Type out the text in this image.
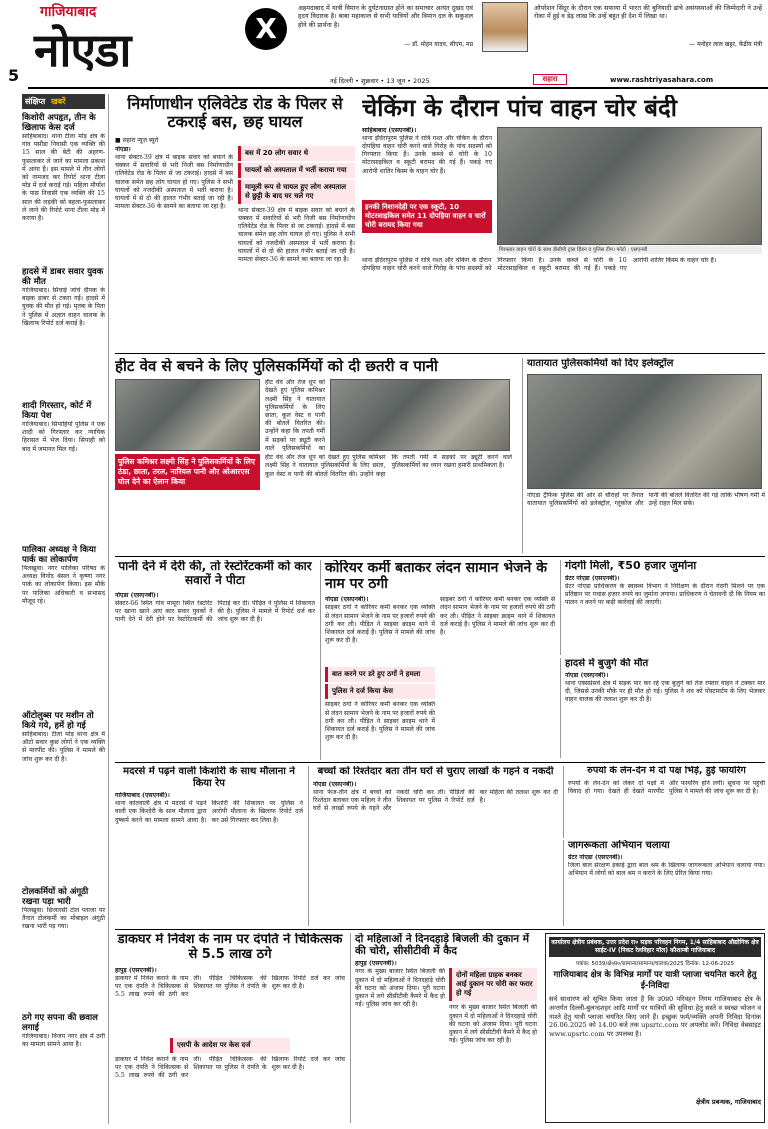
गाजियाबाद
नोएडा
5
X
अहमदाबाद में यात्री विमान के दुर्घटनाग्रस्त होने का समाचार अत्यंत दुखद एवं हृदय विदारक है। बाबा महाकाल से सभी यात्रियों और विमान दल के सकुशल होने की प्रार्थना है।
— डॉ. मोहन यादव, सीएम, मप्र
ऑपरेशन सिंदूर के दौरान एक सफाया में भारत की बुनियादी ढांचे असंयस्थाओं की जिम्मेदारी ने उन्हें रोका में हुई व डेढ़ लाख कि उन्हें बहुत ही देश में लिखा था।
— मनोहर लाल खट्टर, केंद्रीय मंत्री
नई दिल्ली • शुक्रवार • 13 जून • 2025	सहारा	www.rashtriyasahara.com
संक्षिप्त खबरें
किशोरी अपहृत, तीन के खिलाफ केस दर्ज
साहिबाबाद। थाना टीला मोड़ क्षेत्र के गांव पसौंडा निवासी एक व्यक्ति की 15 साल की बेटी की अहरण-फुसलाकर ले जाने का मामला प्रकाश में आया है। इस मामले में तीन लोगों को नामजद कर रिपोर्ट थाना टीला मोड़ में दर्ज कराई गई। महिला मौर्यांश के पास निवासी एक व्यक्ति की 15 साल की लड़की को बहला-फुसलाकर ले जाने की रिपोर्ट थाना टीला मोड़ में कराया है।
हादसे में डाबर सवार युवक की मौत
गाजियाबाद। सिंचाई जांचे दीपक के बाइक डाबर से टकरा गई। हादसे में युवक की मौत हो गई। मृतक के पिता ने पुलिस में अज्ञात वाहन चालक के खिलाफ रिपोर्ट दर्ज कराई है।
शादी गिरस्तार, कोर्ट में किया पेश
गाजियाबाद। सिपाहियों पुलिस ने एक शादी को गिरफ्तार कर न्यायिक हिरासत में भेज दिया। सिपाही को बाद में जमानत मिल गई।
पालिका अध्यक्ष ने किया पार्क का लोकार्पण
पिलखुवा। नगर पालिका परिषद के अध्यक्ष विनोद बंसल ने कृष्णा नगर पार्क का लोकार्पण किया। इस मौके पर पालिका अधिकारी व सभासद मौजूद रहे।
ऑटोलुब्स पर मशीन तो किये गये, हमें हो गई
साहिबाबाद। टीला मोड़ थाना क्षेत्र में ऑटो सवार कुछ लोगों ने एक व्यक्ति से मारपीट की। पुलिस ने मामले की जांच शुरू कर दी है।
टोलकर्मियों को अंगूठी रखना पड़ा भारी
पिलखुवा। छिजारसी टोल प्लाजा पर तैनात टोलकर्मी का मोबाइल अंगूठी रखना भारी पड़ गया।
ठगे गए सपना की छवाल लगाई
गाजियाबाद। विजय नगर क्षेत्र में ठगी का मामला सामने आया है।
निर्माणाधीन एलिवेटेड रोड के पिलर से टकराई बस, छह घायल
■ सहारा न्यूज़ ब्यूरो
नोएडा।
थाना सेक्टर-39 क्षेत्र में बाइक सवार को बचाने के चक्कर में सवारियों से भरी निजी बस निर्माणाधीन एलिवेटेड रोड के पिलर से जा टकराई। हादसे में बस चालक समेत छह लोग घायल हो गए। पुलिस ने सभी घायलों को नजदीकी अस्पताल में भर्ती कराया है। घायलों में से दो की हालत गंभीर बताई जा रही है। मामला सेक्टर-36 के सामने का बताया जा रहा है।
बस में 20 लोग सवार थे
घायलों को अस्पताल में भर्ती कराया गया
मामूली रूप से घायल हुए लोग अस्पताल से छुट्टी के बाद घर चले गए
थाना सेक्टर-39 क्षेत्र में बाइक सवार को बचाने के चक्कर में सवारियों से भरी निजी बस निर्माणाधीन एलिवेटेड रोड के पिलर से जा टकराई। हादसे में बस चालक समेत छह लोग घायल हो गए। पुलिस ने सभी घायलों को नजदीकी अस्पताल में भर्ती कराया है। घायलों में से दो की हालत गंभीर बताई जा रही है। मामला सेक्टर-36 के सामने का बताया जा रहा है।
चेकिंग के दौरान पांच वाहन चोर बंदी
साहिबाबाद (एसएनबी)।
थाना इंदिरापुरम पुलिस ने रात्रि गश्त और चेकिंग के दौरान दोपहिया वाहन चोरी करने वाले गिरोह के पांच सदस्यों को गिरफ्तार किया है। उनके कब्जे से चोरी के 10 मोटरसाइकिल व स्कूटी बरामद की गई हैं। पकड़े गए आरोपी शातिर किस्म के वाहन चोर हैं।
इनकी निशानदेही पर एक स्कूटी, 10 मोटरसाइकिल समेत 11 दोपहिया वाहन व चारों चोरी बरामद किया गया
गिरफ्तार वाहन चोरों के साथ डीसीपी ट्रांस हिंडन व पुलिस टीम। फोटो : एसएनबी
थाना इंदिरापुरम पुलिस ने रात्रि गश्त और चेकिंग के दौरान दोपहिया वाहन चोरी करने वाले गिरोह के पांच सदस्यों को गिरफ्तार किया है। उनके कब्जे से चोरी के 10 मोटरसाइकिल व स्कूटी बरामद की गई हैं। पकड़े गए आरोपी शातिर किस्म के वाहन चोर हैं।
हीट वेव से बचने के लिए पुलिसकर्मियों को दी छतरी व पानी
हीट वेव और तेज धूप को देखते हुए पुलिस कमिश्नर लक्ष्मी सिंह ने यातायात पुलिसकर्मियों के लिए छाता, कूल वेस्ट व पानी की बोतलें वितरित की। उन्होंने कहा कि तपती गर्मी में सड़कों पर ड्यूटी करने वाले पुलिसकर्मियों का
पुलिस कमिश्नर लक्ष्मी सिंह ने पुलिसकर्मियों के लिए ठंडा, छाता, तरल, नारियल पानी और ओआरएस घोल देने का ऐलान किया
हीट वेव और तेज धूप को देखते हुए पुलिस कमिश्नर लक्ष्मी सिंह ने यातायात पुलिसकर्मियों के लिए छाता, कूल वेस्ट व पानी की बोतलें वितरित की। उन्होंने कहा कि तपती गर्मी में सड़कों पर ड्यूटी करने वाले पुलिसकर्मियों का ध्यान रखना हमारी प्राथमिकता है।
यातायात पुलिसकर्मियों को दिए इलेक्ट्रॉल
नोएडा ट्रैफिक पुलिस की ओर से चौराहों पर तैनात यातायात पुलिसकर्मियों को इलेक्ट्रॉल, ग्लूकोज और पानी की बोतलें वितरित की गई ताकि भीषण गर्मी में उन्हें राहत मिल सके।
पानी देने में देरी की, तो रेस्टोरेंटकर्मी को कार सवारों ने पीटा
नोएडा (एसएनबी)।
सेक्टर-66 स्थित गांव मामूरा स्थित रेस्टोरेंट पर खाना खाने आए कार सवार युवकों ने पानी देने में देरी होने पर रेस्टोरेंटकर्मी की पिटाई कर दी। पीड़ित ने पुलिस में शिकायत की है। पुलिस ने मामले में रिपोर्ट दर्ज कर जांच शुरू कर दी है।
कोरियर कर्मी बताकर लंदन सामान भेजने के नाम पर ठगी
नोएडा (एसएनबी)।
साइबर ठगों ने कोरियर कर्मी बनकर एक व्यक्ति से लंदन सामान भेजने के नाम पर हजारों रुपये की ठगी कर ली। पीड़ित ने साइबर क्राइम थाने में शिकायत दर्ज कराई है। पुलिस ने मामले की जांच शुरू कर दी है।
बात करने पर डरे हुए ठगों ने हमला
पुलिस ने दर्ज किया केस
साइबर ठगों ने कोरियर कर्मी बनकर एक व्यक्ति से लंदन सामान भेजने के नाम पर हजारों रुपये की ठगी कर ली। पीड़ित ने साइबर क्राइम थाने में शिकायत दर्ज कराई है। पुलिस ने मामले की जांच शुरू कर दी है।
साइबर ठगों ने कोरियर कर्मी बनकर एक व्यक्ति से लंदन सामान भेजने के नाम पर हजारों रुपये की ठगी कर ली। पीड़ित ने साइबर क्राइम थाने में शिकायत दर्ज कराई है। पुलिस ने मामले की जांच शुरू कर दी है।
गंदगी मिली, ₹50 हजार जुर्माना
ग्रेटर नोएडा (एसएनबी)।
ग्रेटर नोएडा प्राधिकरण के स्वास्थ्य विभाग ने निरीक्षण के दौरान गंदगी मिलने पर एक प्रतिष्ठान पर पचास हजार रुपये का जुर्माना लगाया। प्राधिकरण ने चेतावनी दी कि नियम का पालन न करने पर कड़ी कार्रवाई की जाएगी।
हादसे में बुजुर्ग की मौत
नोएडा (एसएनबी)।
थाना एक्सप्रेसवे क्षेत्र में सड़क पार कर रहे एक बुजुर्ग को तेज रफ्तार वाहन ने टक्कर मार दी, जिससे उनकी मौके पर ही मौत हो गई। पुलिस ने शव को पोस्टमार्टम के लिए भेजकर वाहन चालक की तलाश शुरू कर दी है।
मदरसे में पढ़ने वाली किशोरी के साथ मौलाना ने किया रेप
गाजियाबाद (एसएनबी)।
थाना कोतवाली क्षेत्र में मदरसे में पढ़ने वाली एक किशोरी के साथ मौलाना द्वारा दुष्कर्म करने का मामला सामने आया है। किशोरी की शिकायत पर पुलिस ने आरोपी मौलाना के खिलाफ रिपोर्ट दर्ज कर उसे गिरफ्तार कर लिया है।
बच्चों को रिश्तेदार बता तीन घरों से चुराए लाखों के गहने व नकदी
नोएडा (एसएनबी)।
थाना फेज-तीन क्षेत्र में बच्चों को रिश्तेदार बताकर एक महिला ने तीन घरों से लाखों रुपये के गहने और नकदी चोरी कर ली। पीड़ितों की शिकायत पर पुलिस ने रिपोर्ट दर्ज कर महिला की तलाश शुरू कर दी है।
रुपयों के लेन-देन में दो पक्ष भिड़े, हुई फायरिंग
रुपयों के लेन-देन को लेकर दो पक्षों में विवाद हो गया। देखते ही देखते मारपीट और फायरिंग होने लगी। सूचना पर पहुंची पुलिस ने मामले की जांच शुरू कर दी है।
जागरूकता अभियान चलाया
ग्रेटर नोएडा (एसएनबी)।
जिला बाल संरक्षण इकाई द्वारा बाल श्रम के खिलाफ जागरूकता अभियान चलाया गया। अभियान में लोगों को बाल श्रम न कराने के लिए प्रेरित किया गया।
डाकघर में निवेश के नाम पर दंपति ने चिकित्सक से 5.5 लाख ठगे
हापुड़ (एसएनबी)।
डाकघर में निवेश कराने के नाम पर एक दंपति ने चिकित्सक से 5.5 लाख रुपये की ठगी कर ली। पीड़ित चिकित्सक की शिकायत पर पुलिस ने दंपति के खिलाफ रिपोर्ट दर्ज कर जांच शुरू कर दी है।
एसपी के आदेश पर केस दर्ज
डाकघर में निवेश कराने के नाम पर एक दंपति ने चिकित्सक से 5.5 लाख रुपये की ठगी कर ली। पीड़ित चिकित्सक की शिकायत पर पुलिस ने दंपति के खिलाफ रिपोर्ट दर्ज कर जांच शुरू कर दी है।
दो महिलाओं ने दिनदहाड़े बिजली की दुकान में की चोरी, सीसीटीवी में कैद
हापुड़ (एसएनबी)।
नगर के मुख्य बाजार स्थित बिजली की दुकान में दो महिलाओं ने दिनदहाड़े चोरी की घटना को अंजाम दिया। पूरी घटना दुकान में लगे सीसीटीवी कैमरे में कैद हो गई। पुलिस जांच कर रही है।
दोनों महिला ग्राहक बनकर आई दुकान पर चोरी कर फरार हो गई
नगर के मुख्य बाजार स्थित बिजली की दुकान में दो महिलाओं ने दिनदहाड़े चोरी की घटना को अंजाम दिया। पूरी घटना दुकान में लगे सीसीटीवी कैमरे में कैद हो गई। पुलिस जांच कर रही है।
कार्यालय क्षेत्रीय प्रबंधक, उत्तर प्रदेश रा० सड़क परिवहन निगम, 1/4 साहिबाबाद औद्योगिक क्षेत्र साईट-IV (निकट रेलविहार मॉल) कौशाम्बी गाजियाबाद
पत्रांक: 5039/क्षे०प्र०/सामान्य/सामान्य/चालक/2025 दिनांक: 12-06-2025
गाजियाबाद क्षेत्र के विभिन्न मार्गों पर यात्री प्लाजा चयनित करने हेतु ई-निविदा
सर्व साधारण को सूचित किया जाता है कि उ0प्र0 परिवहन निगम गाजियाबाद क्षेत्र के अन्तर्गत दिल्ली-बुलन्दशहर आदि मार्गों पर यात्रियों की सुविधा हेतु सस्ते व स्वच्छ भोजन व नाश्ते हेतु यात्री प्लाजा चयनित किए जाने हैं। इच्छुक फर्म/व्यक्ति अपनी निविदा दिनांक 26.06.2025 को 14.00 बजे तक upsrtc.com पर अपलोड करें। निविदा वेबसाइट www.upsrtc.com पर उपलब्ध है।
क्षेत्रीय प्रबन्धक, गाजियाबाद
